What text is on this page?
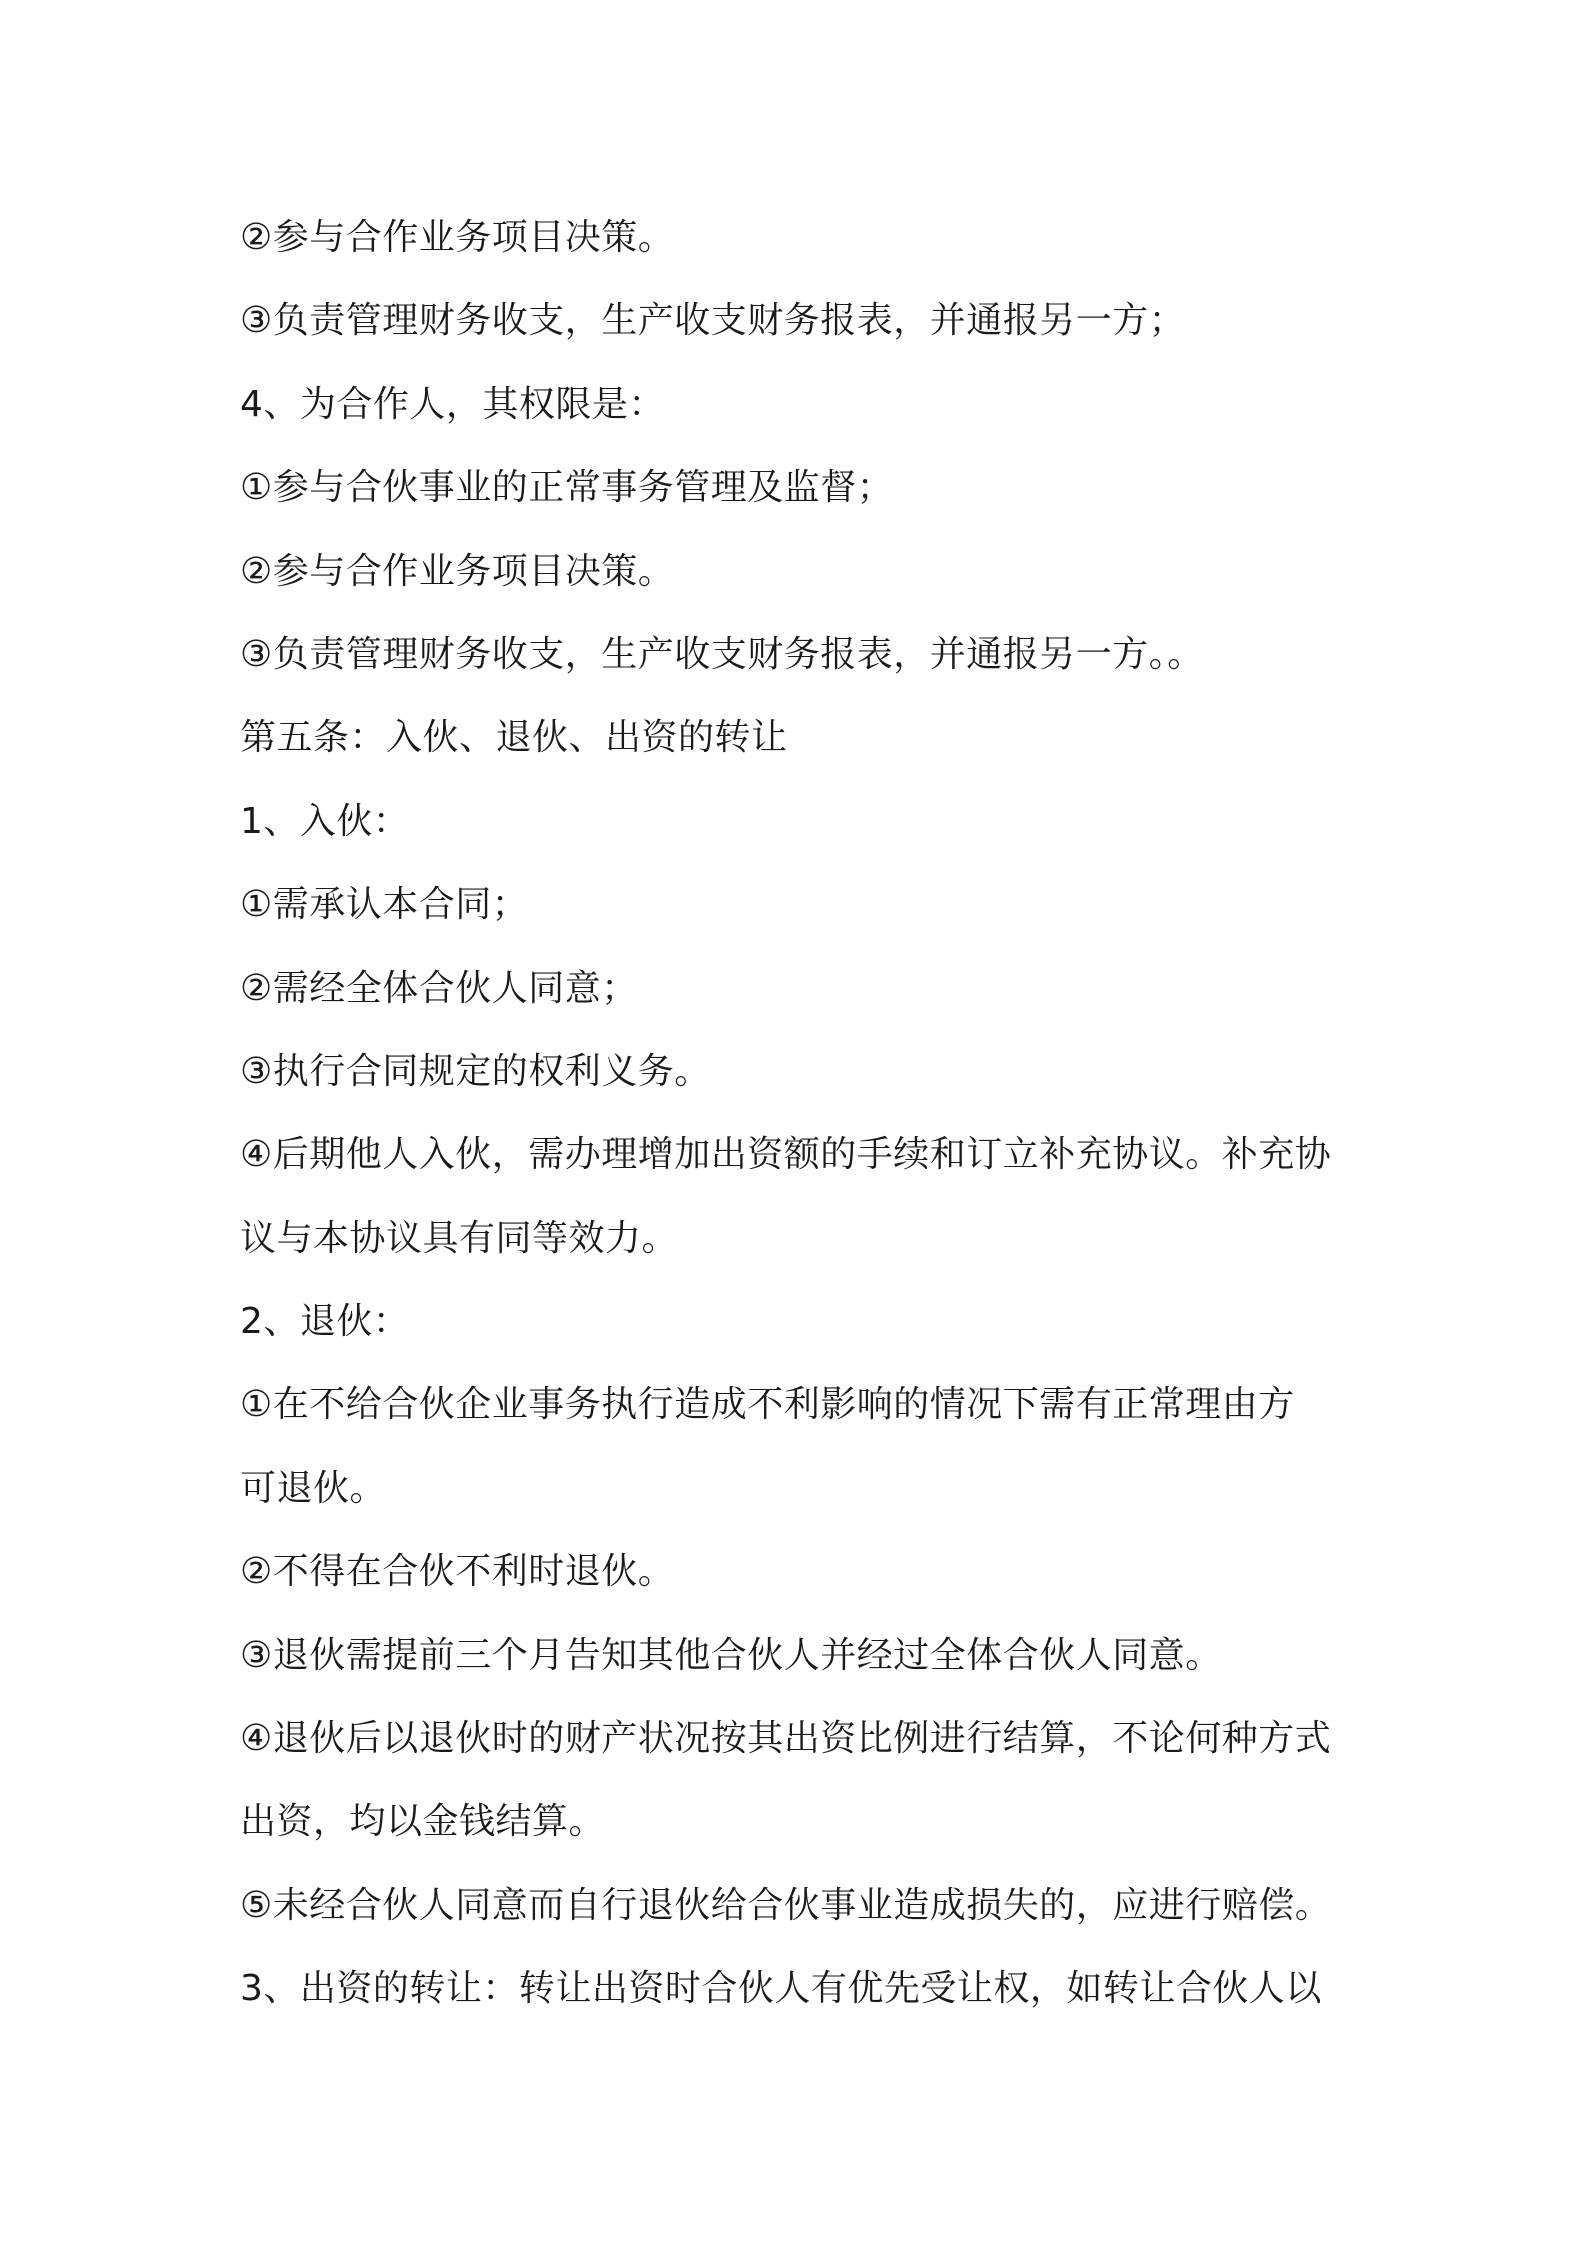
②参与合作业务项目决策。
③负责管理财务收支，生产收支财务报表，并通报另一方；
4、为合作人，其权限是：
①参与合伙事业的正常事务管理及监督；
②参与合作业务项目决策。
③负责管理财务收支，生产收支财务报表，并通报另一方。。
第五条：入伙、退伙、出资的转让
1、入伙：
①需承认本合同；
②需经全体合伙人同意；
③执行合同规定的权利义务。
④后期他人入伙，需办理增加出资额的手续和订立补充协议。补充协
议与本协议具有同等效力。
2、退伙：
①在不给合伙企业事务执行造成不利影响的情况下需有正常理由方
可退伙。
②不得在合伙不利时退伙。
③退伙需提前三个月告知其他合伙人并经过全体合伙人同意。
④退伙后以退伙时的财产状况按其出资比例进行结算，不论何种方式
出资，均以金钱结算。
⑤未经合伙人同意而自行退伙给合伙事业造成损失的，应进行赔偿。
3、出资的转让：转让出资时合伙人有优先受让权，如转让合伙人以
